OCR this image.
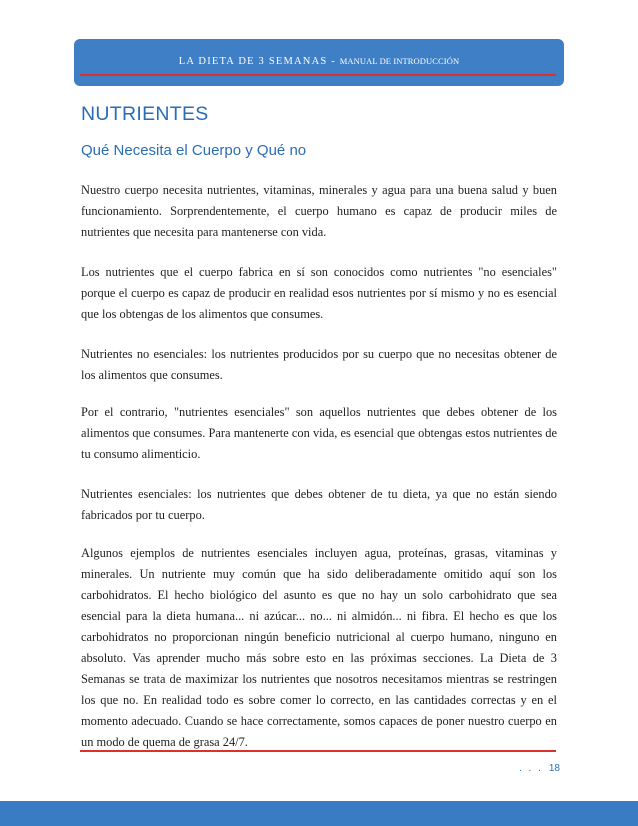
LA DIETA DE 3 SEMANAS - MANUAL DE INTRODUCCIÓN
NUTRIENTES
Qué Necesita el Cuerpo y Qué no

Nuestro cuerpo necesita nutrientes, vitaminas, minerales y agua para una buena salud y buen funcionamiento. Sorprendentemente, el cuerpo humano es capaz de producir miles de nutrientes que necesita para mantenerse con vida.

Los nutrientes que el cuerpo fabrica en sí son conocidos como nutrientes "no esenciales" porque el cuerpo es capaz de producir en realidad esos nutrientes por sí mismo y no es esencial que los obtengas de los alimentos que consumes.

Nutrientes no esenciales: los nutrientes producidos por su cuerpo que no necesitas obtener de los alimentos que consumes.

Por el contrario, "nutrientes esenciales" son aquellos nutrientes que debes obtener de los alimentos que consumes. Para mantenerte con vida, es esencial que obtengas estos nutrientes de tu consumo alimenticio.

Nutrientes esenciales: los nutrientes que debes obtener de tu dieta, ya que no están siendo fabricados por tu cuerpo.

Algunos ejemplos de nutrientes esenciales incluyen agua, proteínas, grasas, vitaminas y minerales. Un nutriente muy común que ha sido deliberadamente omitido aquí son los carbohidratos. El hecho biológico del asunto es que no hay un solo carbohidrato que sea esencial para la dieta humana... ni azúcar... no... ni almidón... ni fibra. El hecho es que los carbohidratos no proporcionan ningún beneficio nutricional al cuerpo humano, ninguno en absoluto. Vas aprender mucho más sobre esto en las próximas secciones. La Dieta de 3 Semanas se trata de maximizar los nutrientes que nosotros necesitamos mientras se restringen los que no. En realidad todo es sobre comer lo correcto, en las cantidades correctas y en el momento adecuado. Cuando se hace correctamente, somos capaces de poner nuestro cuerpo en un modo de quema de grasa 24/7.

. . . 18
